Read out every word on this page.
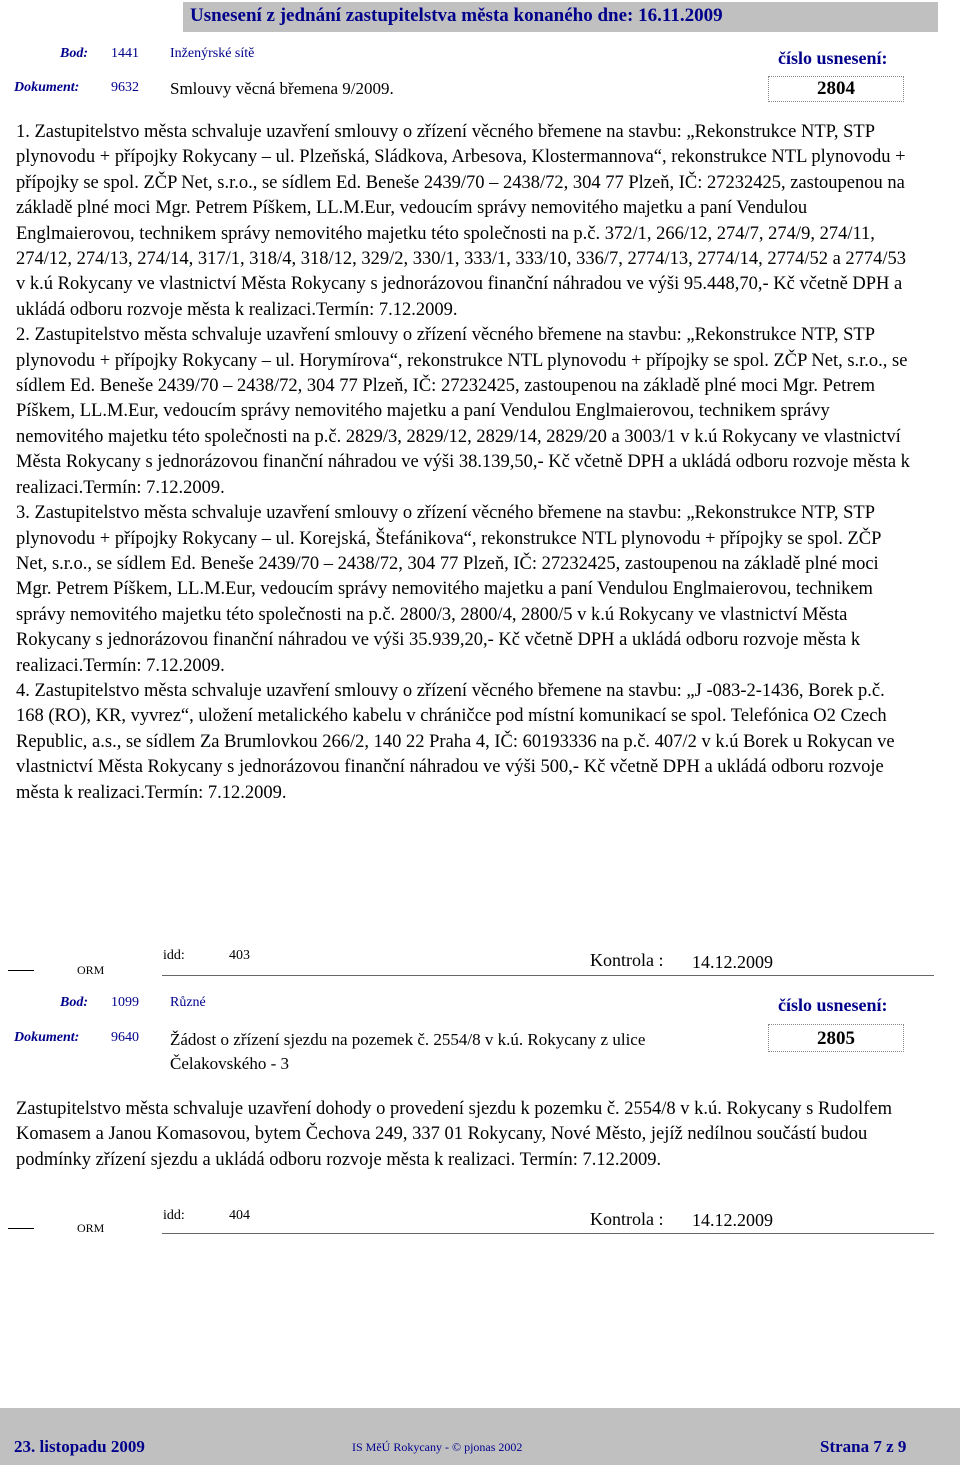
Usnesení z jednání zastupitelstva města konaného dne: 16.11.2009
Bod: 1441 Inženýrské sítě	číslo usnesení:
Dokument: 9632 Smlouvy věcná břemena 9/2009.	2804

1. Zastupitelstvo města schvaluje uzavření smlouvy o zřízení věcného břemene na stavbu: „Rekonstrukce NTP, STP plynovodu + přípojky Rokycany – ul. Plzeňská, Sládkova, Arbesova, Klostermannova“, rekonstrukce NTL plynovodu + přípojky se spol. ZČP Net, s.r.o., se sídlem Ed. Beneše 2439/70 – 2438/72, 304 77 Plzeň, IČ: 27232425, zastoupenou na základě plné moci Mgr. Petrem Píškem, LL.M.Eur, vedoucím správy nemovitého majetku a paní Vendulou Englmaierovou, technikem správy nemovitého majetku této společnosti na p.č. 372/1, 266/12, 274/7, 274/9, 274/11, 274/12, 274/13, 274/14, 317/1, 318/4, 318/12, 329/2, 330/1, 333/1, 333/10, 336/7, 2774/13, 2774/14, 2774/52 a 2774/53 v k.ú Rokycany ve vlastnictví Města Rokycany s jednorázovou finanční náhradou ve výši 95.448,70,- Kč včetně DPH a ukládá odboru rozvoje města k realizaci.Termín: 7.12.2009.

2. Zastupitelstvo města schvaluje uzavření smlouvy o zřízení věcného břemene na stavbu: „Rekonstrukce NTP, STP plynovodu + přípojky Rokycany – ul. Horymírova“, rekonstrukce NTL plynovodu + přípojky se spol. ZČP Net, s.r.o., se sídlem Ed. Beneše 2439/70 – 2438/72, 304 77 Plzeň, IČ: 27232425, zastoupenou na základě plné moci Mgr. Petrem Píškem, LL.M.Eur, vedoucím správy nemovitého majetku a paní Vendulou Englmaierovou, technikem správy nemovitého majetku této společnosti na p.č. 2829/3, 2829/12, 2829/14, 2829/20 a 3003/1 v k.ú Rokycany ve vlastnictví Města Rokycany s jednorázovou finanční náhradou ve výši 38.139,50,- Kč včetně DPH a ukládá odboru rozvoje města k realizaci.Termín: 7.12.2009.

3. Zastupitelstvo města schvaluje uzavření smlouvy o zřízení věcného břemene na stavbu: „Rekonstrukce NTP, STP plynovodu + přípojky Rokycany – ul. Korejská, Štefánikova“, rekonstrukce NTL plynovodu + přípojky se spol. ZČP Net, s.r.o., se sídlem Ed. Beneše 2439/70 – 2438/72, 304 77 Plzeň, IČ: 27232425, zastoupenou na základě plné moci Mgr. Petrem Píškem, LL.M.Eur, vedoucím správy nemovitého majetku a paní Vendulou Englmaierovou, technikem správy nemovitého majetku této společnosti na p.č. 2800/3, 2800/4, 2800/5 v k.ú Rokycany ve vlastnictví Města Rokycany s jednorázovou finanční náhradou ve výši 35.939,20,- Kč včetně DPH a ukládá odboru rozvoje města k realizaci.Termín: 7.12.2009.

4. Zastupitelstvo města schvaluje uzavření smlouvy o zřízení věcného břemene na stavbu: „J -083-2-1436, Borek p.č. 168 (RO), KR, vyvrez“, uložení metalického kabelu v chráničce pod místní komunikací se spol. Telefónica O2 Czech Republic, a.s., se sídlem Za Brumlovkou 266/2, 140 22 Praha 4, IČ: 60193336 na p.č. 407/2 v k.ú Borek u Rokycan ve vlastnictví Města Rokycany s jednorázovou finanční náhradou ve výši 500,- Kč včetně DPH a ukládá odboru rozvoje města k realizaci.Termín: 7.12.2009.

ORM
idd:	403	Kontrola : 14.12.2009
Bod: 1099 Různé	číslo usnesení:
Dokument: 9640 Žádost o zřízení sjezdu na pozemek č. 2554/8 v k.ú. Rokycany z ulice Čelakovského - 3
2805

Zastupitelstvo města schvaluje uzavření dohody o provedení sjezdu k pozemku č. 2554/8 v k.ú. Rokycany s Rudolfem Komasem a Janou Komasovou, bytem Čechova 249, 337 01 Rokycany, Nové Město, jejíž nedílnou součástí budou podmínky zřízení sjezdu a ukládá odboru rozvoje města k realizaci. Termín: 7.12.2009.

ORM
idd:	404	Kontrola : 14.12.2009
23. listopadu 2009	IS MěÚ Rokycany - © pjonas 2002	Strana 7 z 9
